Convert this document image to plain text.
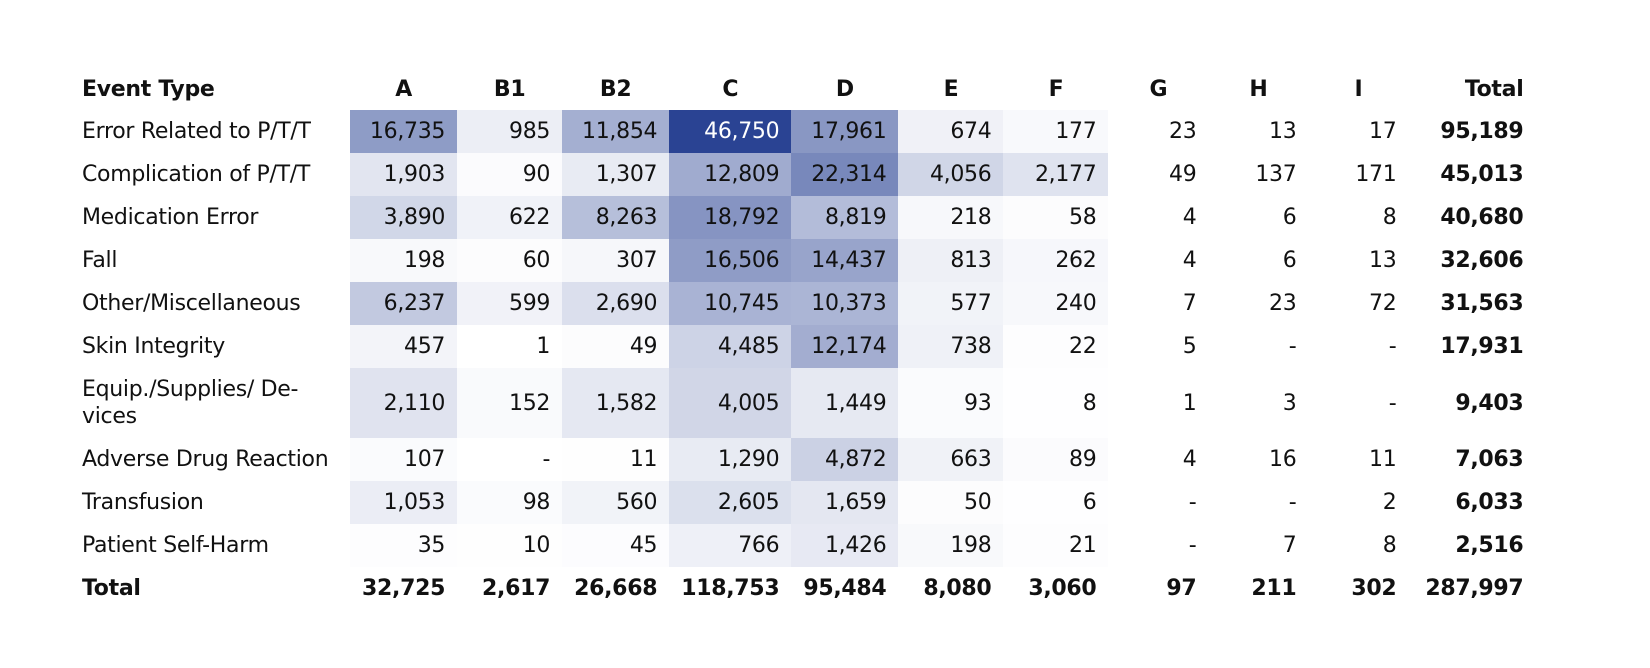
Event Type	A	B1	B2	C	D	E	F	G	H	I	Total
Error Related to P/T/T	16,735	985	11,854	46,750	17,961	674	177	23	13	17	95,189
Complication of P/T/T	1,903	90	1,307	12,809	22,314	4,056	2,177	49	137	171	45,013
Medication Error	3,890	622	8,263	18,792	8,819	218	58	4	6	8	40,680
Fall	198	60	307	16,506	14,437	813	262	4	6	13	32,606
Other/Miscellaneous	6,237	599	2,690	10,745	10,373	577	240	7	23	72	31,563
Skin Integrity	457	1	49	4,485	12,174	738	22	5	-	-	17,931
Equip./Supplies/ De-vices	2,110	152	1,582	4,005	1,449	93	8	1	3	-	9,403
Adverse Drug Reaction	107	-	11	1,290	4,872	663	89	4	16	11	7,063
Transfusion	1,053	98	560	2,605	1,659	50	6	-	-	2	6,033
Patient Self-Harm	35	10	45	766	1,426	198	21	-	7	8	2,516
Total	32,725	2,617	26,668	118,753	95,484	8,080	3,060	97	211	302	287,997
